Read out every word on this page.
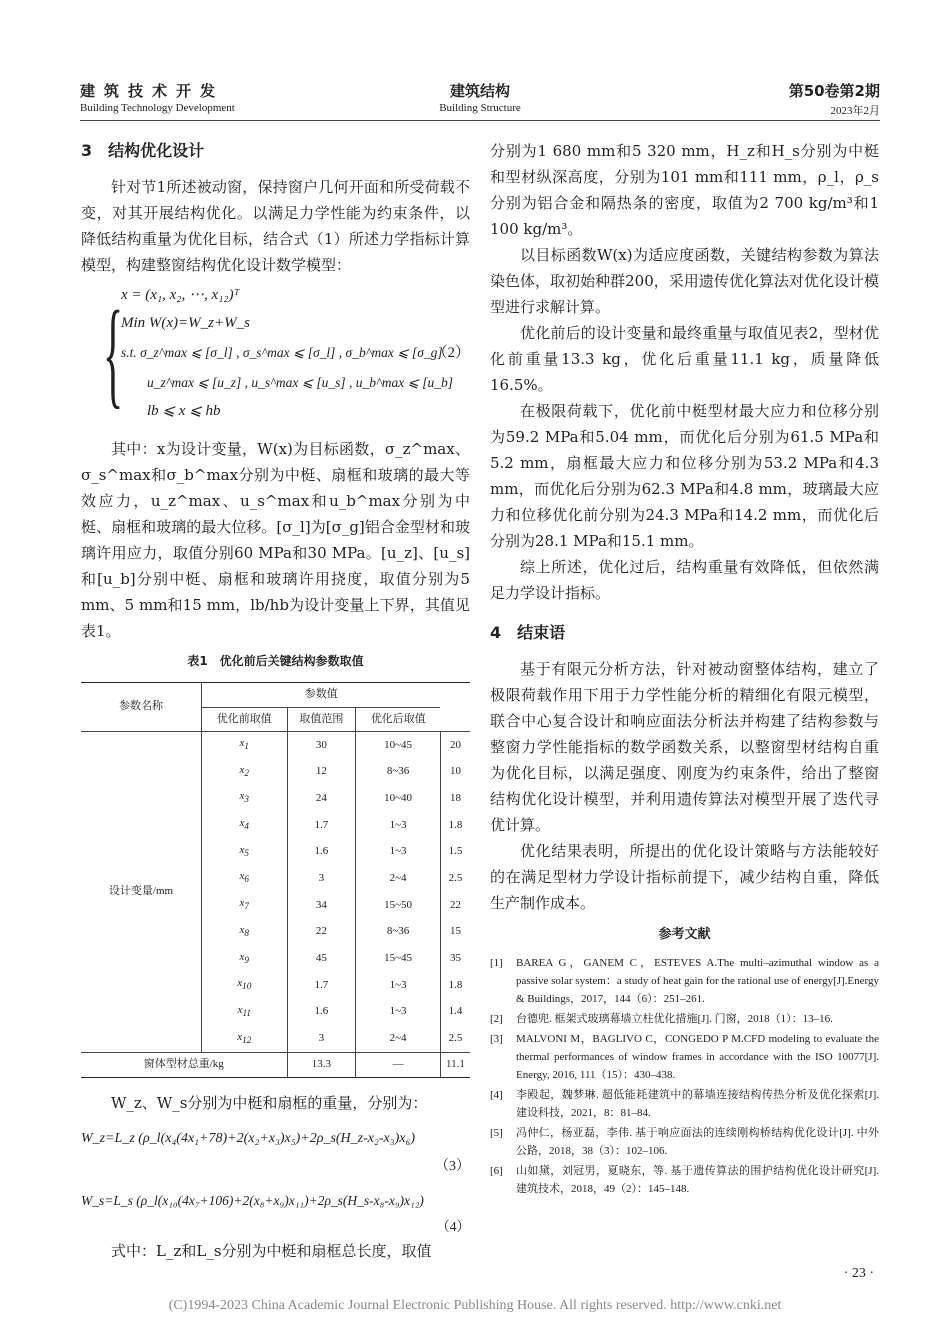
建筑技术开发
Building Technology Development
建筑结构
Building Structure
第50卷第2期
2023年2月
3　结构优化设计

针对节1所述被动窗，保持窗户几何开面和所受荷载不变，对其开展结构优化。以满足力学性能为约束条件，以降低结构重量为优化目标，结合式（1）所述力学指标计算模型，构建整窗结构优化设计数学模型：

{
x = (x₁, x₂, ⋯, x₁₂)ᵀ
Min W(x)=W_z+W_s
s.t. σ_z^max ⩽ [σ_l] , σ_s^max ⩽ [σ_l] , σ_b^max ⩽ [σ_g]
u_z^max ⩽ [u_z] , u_s^max ⩽ [u_s] , u_b^max ⩽ [u_b]
lb ⩽ x ⩽ hb
（2）

其中：x为设计变量，W(x)为目标函数，σ_z^max、σ_s^max和σ_b^max分别为中梃、扇框和玻璃的最大等效应力，u_z^max、u_s^max和u_b^max分别为中梃、扇框和玻璃的最大位移。[σ_l]为[σ_g]铝合金型材和玻璃许用应力，取值分别60 MPa和30 MPa。[u_z]、[u_s]和[u_b]分别中梃、扇框和玻璃许用挠度，取值分别为5 mm、5 mm和15 mm，lb/hb为设计变量上下界，其值见表1。

表1　优化前后关键结构参数取值
参数名称	参数值			
	优化前取值	取值范围	优化后取值	
设计变量/mm	$x_1$	30	10~45	20
	$x_2$	12	8~36	10
	$x_3$	24	10~40	18
	$x_4$	1.7	1~3	1.8
	$x_5$	1.6	1~3	1.5
	$x_6$	3	2~4	2.5
	$x_7$	34	15~50	22
	$x_8$	22	8~36	15
	$x_9$	45	15~45	35
	$x_{10}$	1.7	1~3	1.8
	$x_{11}$	1.6	1~3	1.4
	$x_{12}$	3	2~4	2.5
窗体型材总重/kg		13.3	—	11.1

W_z、W_s分别为中梃和扇框的重量，分别为：

W_z=L_z (ρ_l(x₄(4x₁+78)+2(x₂+x₃)x₅)+2ρ_s(H_z-x₂-x₃)x₆)
（3）
W_s=L_s (ρ_l(x₁₀(4x₇+106)+2(x₈+x₉)x₁₁)+2ρ_s(H_s-x₈-x₉)x₁₂)
（4）

式中：L_z和L_s分别为中梃和扇框总长度，取值

分别为1 680 mm和5 320 mm，H_z和H_s分别为中梃和型材纵深高度，分别为101 mm和111 mm，ρ_l，ρ_s分别为铝合金和隔热条的密度，取值为2 700 kg/m³和1 100 kg/m³。

以目标函数W(x)为适应度函数，关键结构参数为算法染色体，取初始种群200，采用遗传优化算法对优化设计模型进行求解计算。

优化前后的设计变量和最终重量与取值见表2，型材优化前重量13.3 kg，优化后重量11.1 kg，质量降低16.5%。

在极限荷载下，优化前中梃型材最大应力和位移分别为59.2 MPa和5.04 mm，而优化后分别为61.5 MPa和5.2 mm，扇框最大应力和位移分别为53.2 MPa和4.3 mm，而优化后分别为62.3 MPa和4.8 mm，玻璃最大应力和位移优化前分别为24.3 MPa和14.2 mm，而优化后分别为28.1 MPa和15.1 mm。

综上所述，优化过后，结构重量有效降低，但依然满足力学设计指标。

4　结束语

基于有限元分析方法，针对被动窗整体结构，建立了极限荷载作用下用于力学性能分析的精细化有限元模型，联合中心复合设计和响应面法分析法并构建了结构参数与整窗力学性能指标的数学函数关系，以整窗型材结构自重为优化目标，以满足强度、刚度为约束条件，给出了整窗结构优化设计模型，并利用遗传算法对模型开展了迭代寻优计算。

优化结果表明，所提出的优化设计策略与方法能较好的在满足型材力学设计指标前提下，减少结构自重，降低生产制作成本。

参考文献
[1]	BAREA G，GANEM C，ESTEVES A.The multi–azimuthal window as a passive solar system：a study of heat gain for the rational use of energy[J].Energy & Buildings，2017，144（6）：251–261.
[2]	台德兜. 框架式玻璃幕墙立柱优化措施[J]. 门窗，2018（1）：13–16.
[3]	MALVONI M，BAGLIVO C，CONGEDO P M.CFD modeling to evaluate the thermal performances of window frames in accordance with the ISO 10077[J]. Energy, 2016, 111（15）：430–438.
[4]	李殿起，魏梦琳. 超低能耗建筑中的幕墙连接结构传热分析及优化探索[J]. 建设科技，2021，8：81–84.
[5]	冯仲仁，杨亚磊，李伟. 基于响应面法的连续刚构桥结构优化设计[J]. 中外公路，2018，38（3）：102–106.
[6]	山如黛，刘冠男，夏晓东，等. 基于遗传算法的围护结构优化设计研究[J]. 建筑技术，2018，49（2）：145–148.
· 23 ·
(C)1994-2023 China Academic Journal Electronic Publishing House. All rights reserved. http://www.cnki.net
